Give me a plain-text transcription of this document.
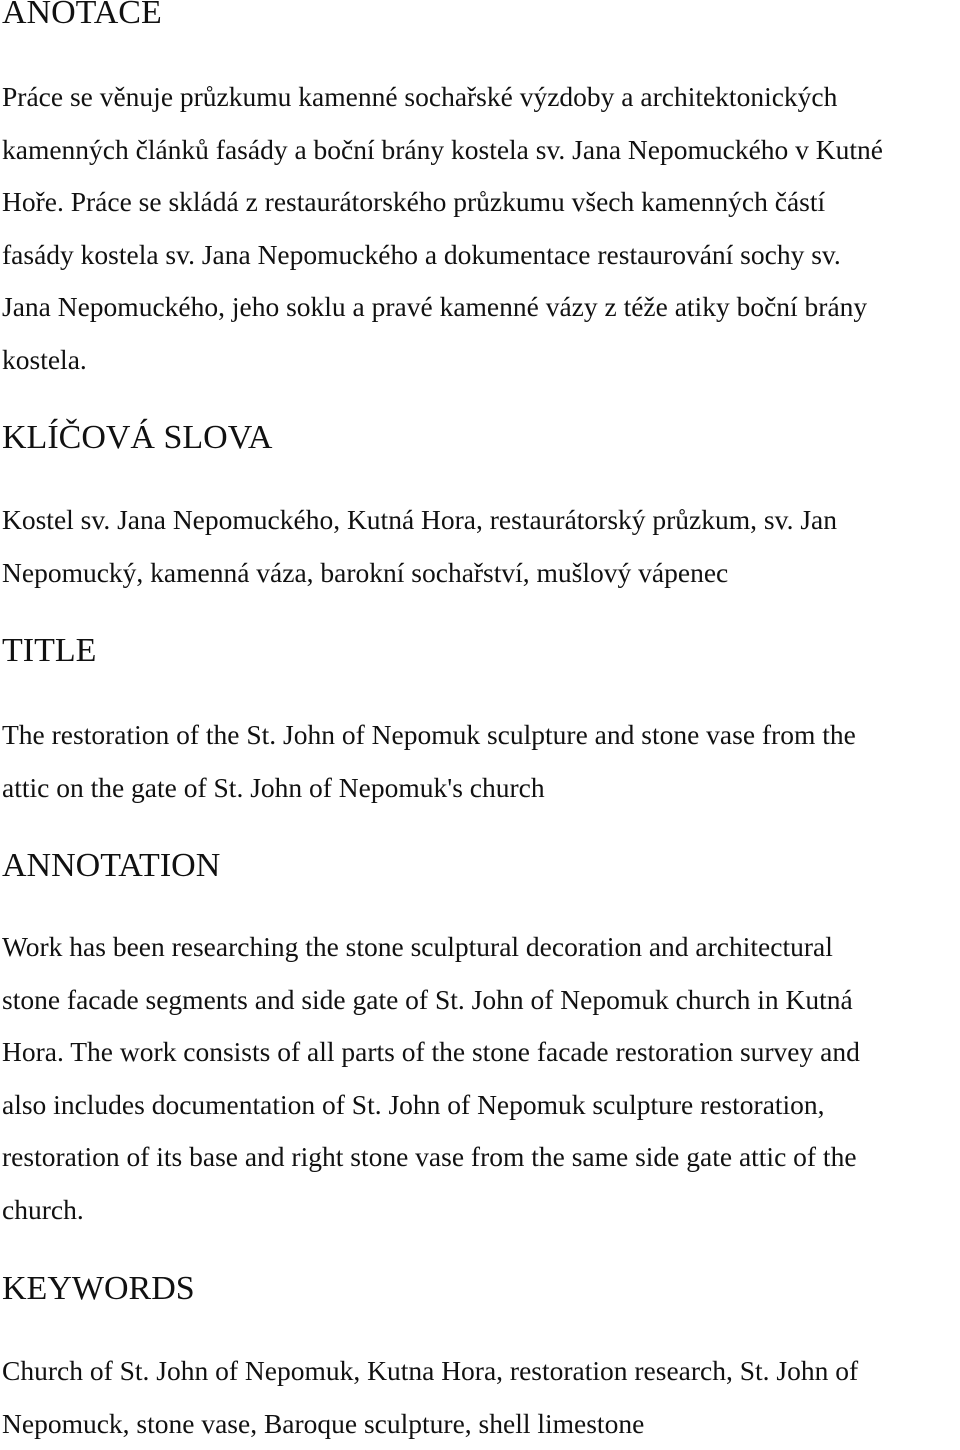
ANOTACE

Práce se věnuje průzkumu kamenné sochařské výzdoby a architektonických
kamenných článků fasády a boční brány kostela sv. Jana Nepomuckého v Kutné
Hoře. Práce se skládá z restaurátorského průzkumu všech kamenných částí
fasády kostela sv. Jana Nepomuckého a dokumentace restaurování sochy sv.
Jana Nepomuckého, jeho soklu a pravé kamenné vázy z téže atiky boční brány
kostela.

KLÍČOVÁ SLOVA

Kostel sv. Jana Nepomuckého, Kutná Hora, restaurátorský průzkum, sv. Jan
Nepomucký, kamenná váza, barokní sochařství, mušlový vápenec

TITLE

The restoration of the St. John of Nepomuk sculpture and stone vase from the
attic on the gate of St. John of Nepomuk's church

ANNOTATION

Work has been researching the stone sculptural decoration and architectural
stone facade segments and side gate of St. John of Nepomuk church in Kutná
Hora. The work consists of all parts of the stone facade restoration survey and
also includes documentation of St. John of Nepomuk sculpture restoration,
restoration of its base and right stone vase from the same side gate attic of the
church.

KEYWORDS

Church of St. John of Nepomuk, Kutna Hora, restoration research, St. John of
Nepomuck, stone vase, Baroque sculpture, shell limestone
